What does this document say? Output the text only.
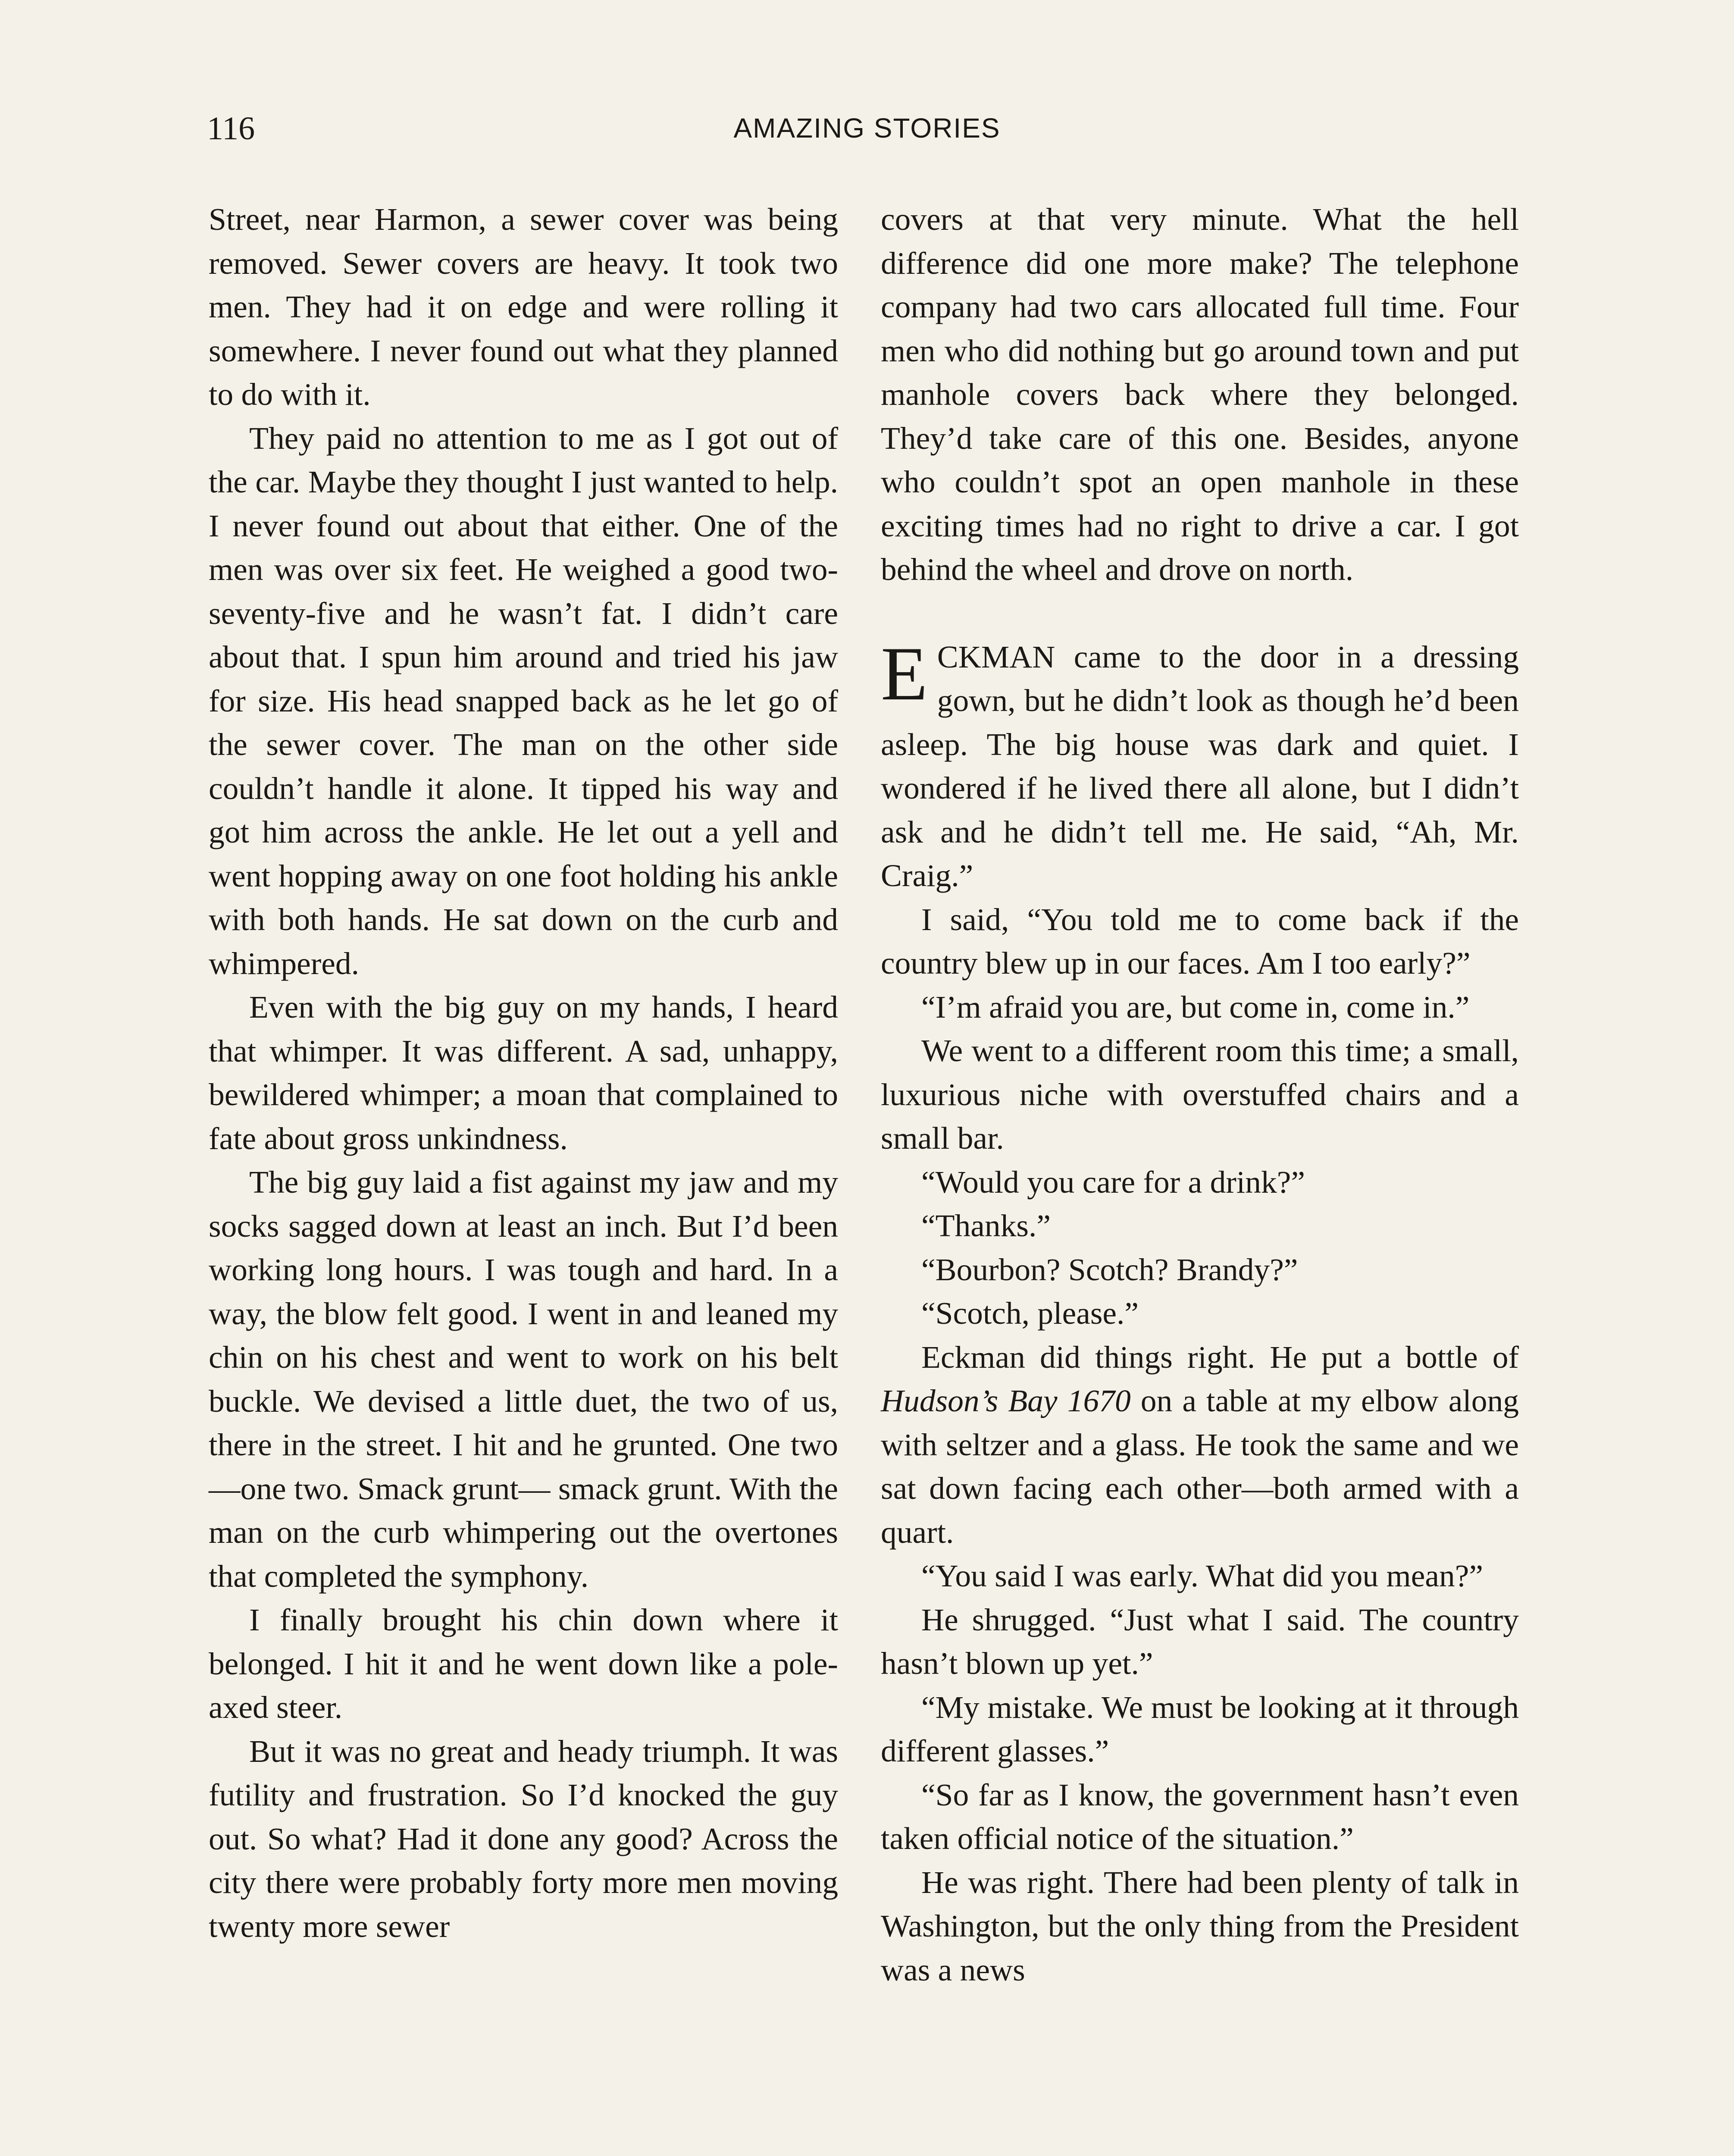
116	AMAZING STORIES

Street, near Harmon, a sewer cover was being removed. Sewer covers are heavy. It took two men. They had it on edge and were rolling it somewhere. I never found out what they planned to do with it.

They paid no attention to me as I got out of the car. Maybe they thought I just wanted to help. I never found out about that either. One of the men was over six feet. He weighed a good two-seventy-five and he wasn’t fat. I didn’t care about that. I spun him around and tried his jaw for size. His head snapped back as he let go of the sewer cover. The man on the other side couldn’t handle it alone. It tipped his way and got him across the ankle. He let out a yell and went hopping away on one foot holding his ankle with both hands. He sat down on the curb and whimpered.

Even with the big guy on my hands, I heard that whimper. It was different. A sad, unhappy, bewildered whimper; a moan that complained to fate about gross unkindness.

The big guy laid a fist against my jaw and my socks sagged down at least an inch. But I’d been working long hours. I was tough and hard. In a way, the blow felt good. I went in and leaned my chin on his chest and went to work on his belt buckle. We devised a little duet, the two of us, there in the street. I hit and he grunted. One two—one two. Smack grunt— smack grunt. With the man on the curb whimpering out the overtones that completed the symphony.

I finally brought his chin down where it belonged. I hit it and he went down like a pole-axed steer.

But it was no great and heady triumph. It was futility and frustration. So I’d knocked the guy out. So what? Had it done any good? Across the city there were probably forty more men moving twenty more sewer

covers at that very minute. What the hell difference did one more make? The telephone company had two cars allocated full time. Four men who did nothing but go around town and put manhole covers back where they belonged. They’d take care of this one. Besides, anyone who couldn’t spot an open manhole in these exciting times had no right to drive a car. I got behind the wheel and drove on north.

ECKMAN came to the door in a dressing gown, but he didn’t look as though he’d been asleep. The big house was dark and quiet. I wondered if he lived there all alone, but I didn’t ask and he didn’t tell me. He said, “Ah, Mr. Craig.”

I said, “You told me to come back if the country blew up in our faces. Am I too early?”

“I’m afraid you are, but come in, come in.”

We went to a different room this time; a small, luxurious niche with overstuffed chairs and a small bar.

“Would you care for a drink?”

“Thanks.”

“Bourbon? Scotch? Brandy?”

“Scotch, please.”

Eckman did things right. He put a bottle of Hudson’s Bay 1670 on a table at my elbow along with seltzer and a glass. He took the same and we sat down facing each other—both armed with a quart.

“You said I was early. What did you mean?”

He shrugged. “Just what I said. The country hasn’t blown up yet.”

“My mistake. We must be looking at it through different glasses.”

“So far as I know, the government hasn’t even taken official notice of the situation.”

He was right. There had been plenty of talk in Washington, but the only thing from the President was a news
